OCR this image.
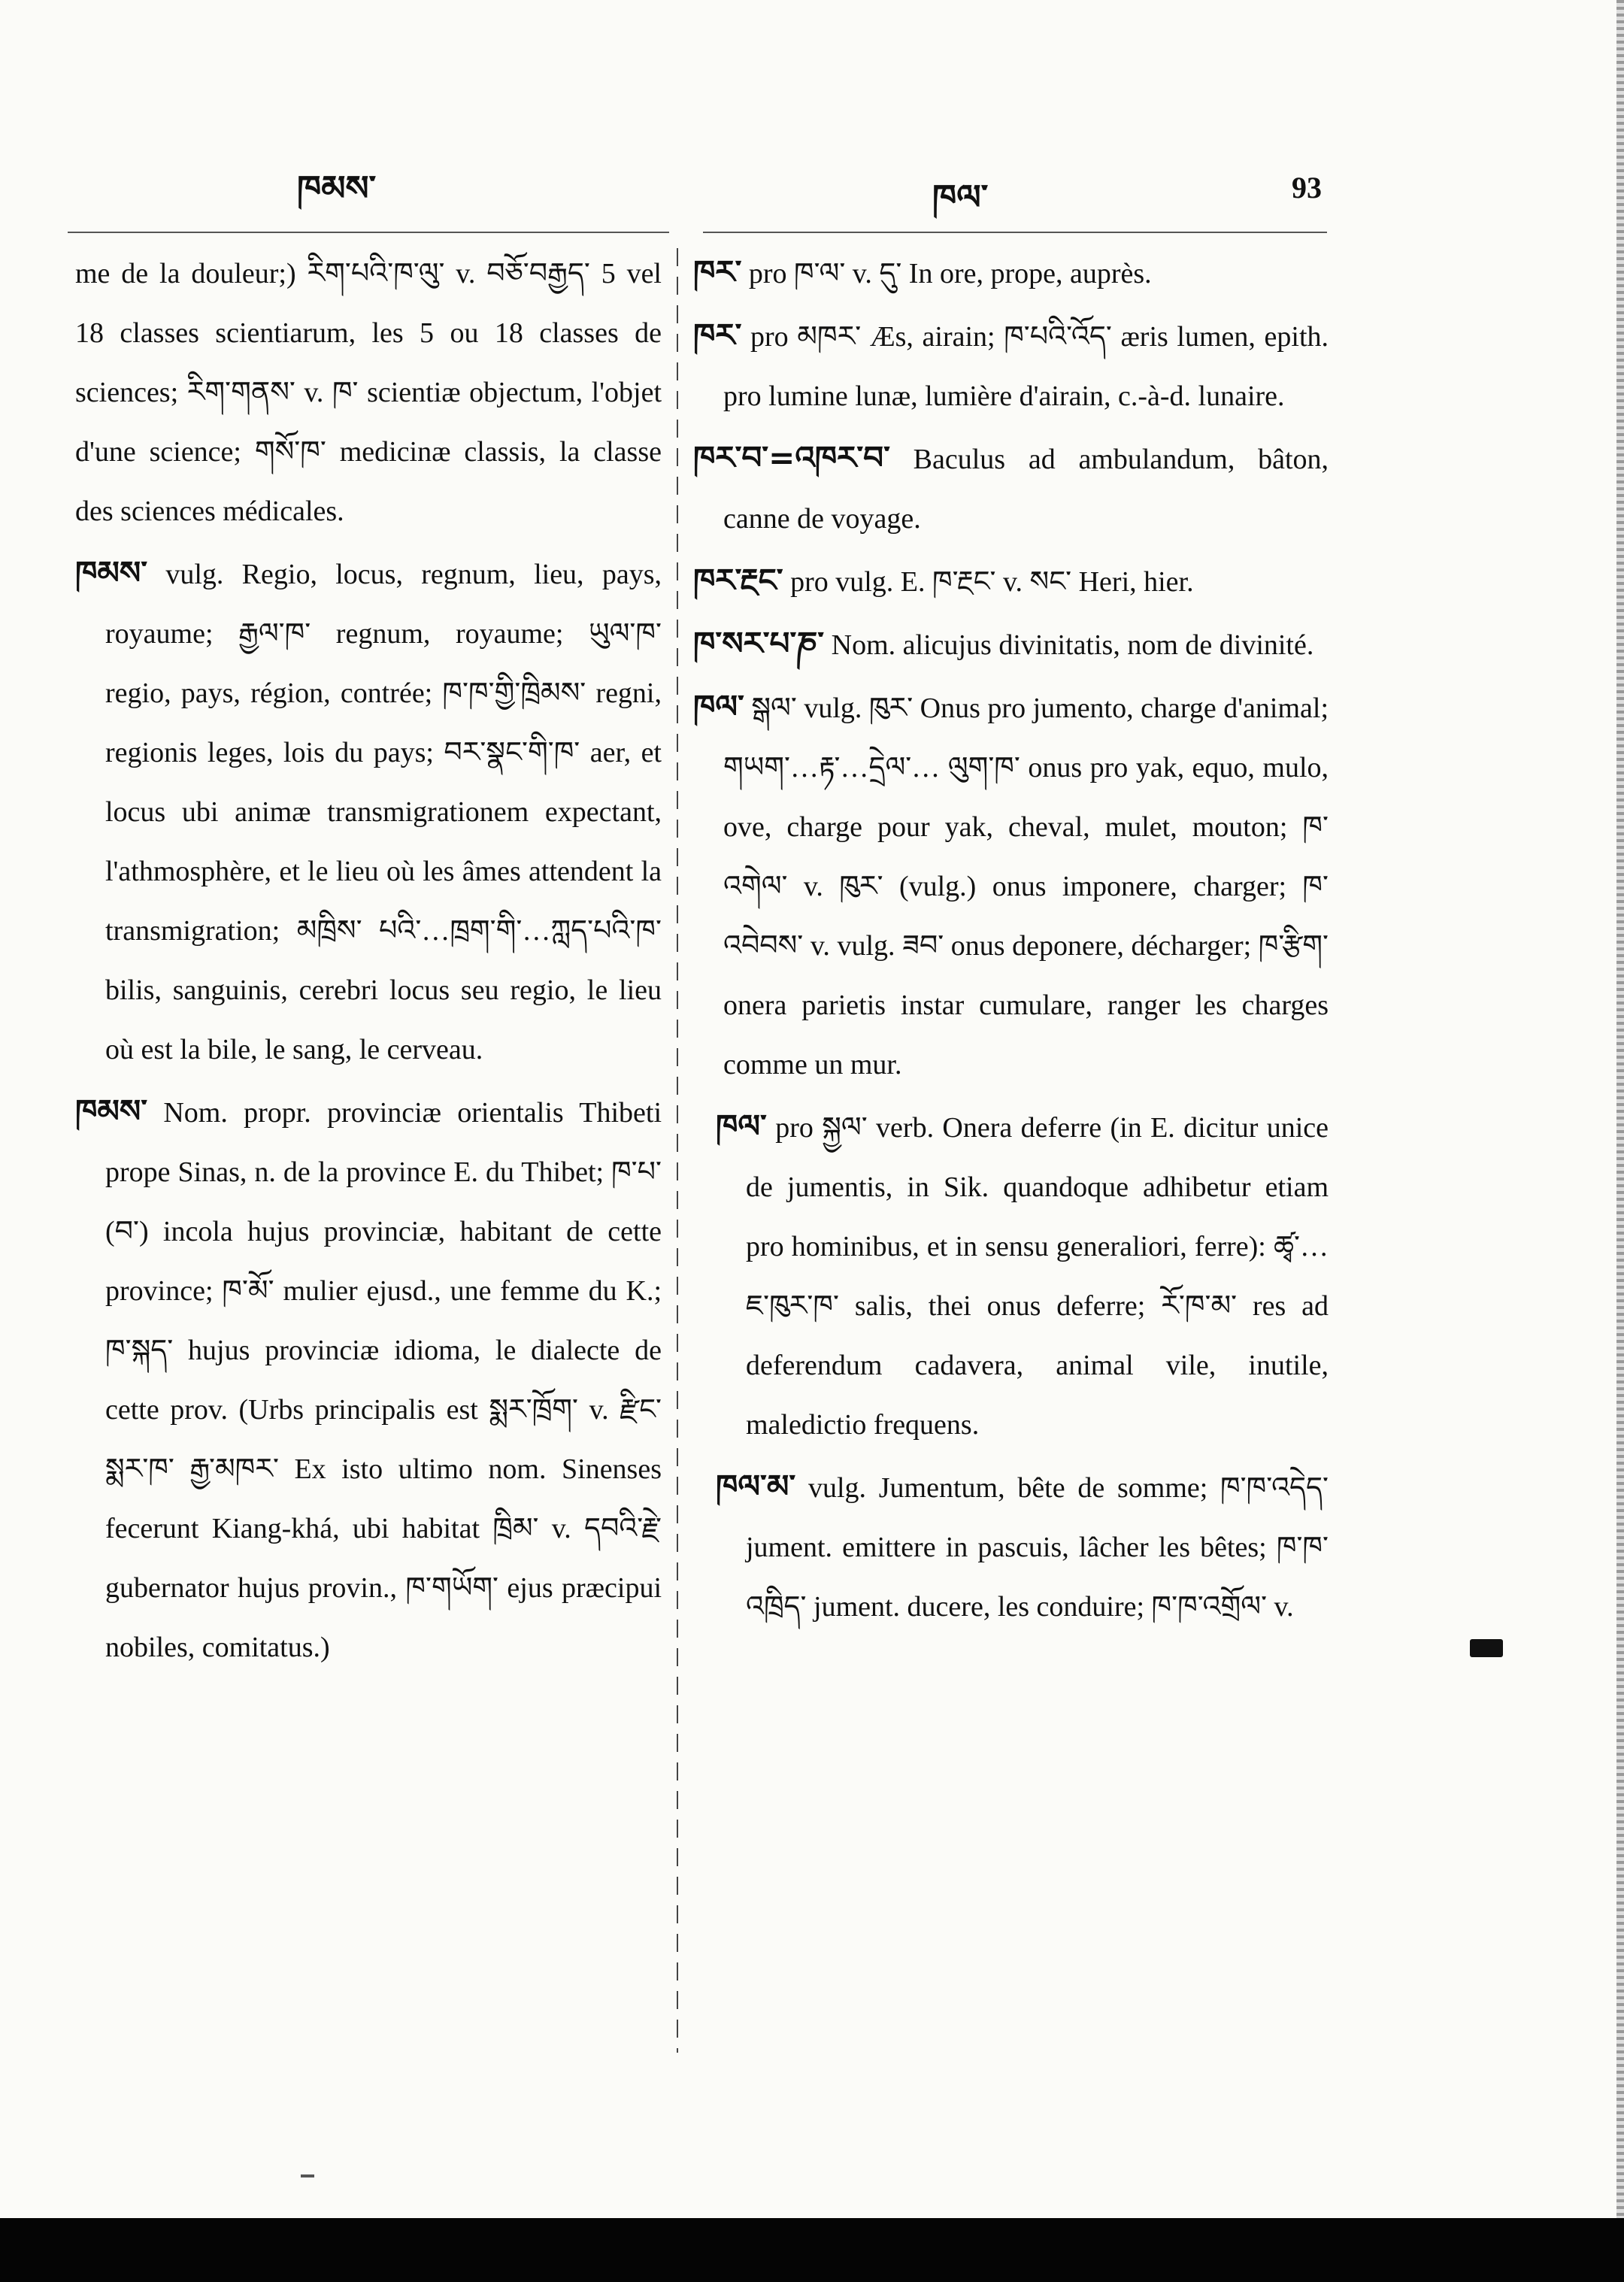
ཁམས་	ཁལ་	93

me de la douleur;) རིག་པའི་ཁ་ལུ་ v. བཅོ་བརྒྱད་ 5 vel 18 classes scientiarum, les 5 ou 18 classes de sciences; རིག་གནས་ v. ཁ་ scientiæ objectum, l'objet d'une science; གསོ་ཁ་ medicinæ classis, la classe des sciences médicales.

ཁམས་ vulg. Regio, locus, regnum, lieu, pays, royaume; རྒྱལ་ཁ་ regnum, royaume; ཡུལ་ཁ་ regio, pays, région, contrée; ཁ་ཁ་གྱི་ཁྲིམས་ regni, regionis leges, lois du pays; བར་སྣང་གི་ཁ་ aer, et locus ubi animæ transmigrationem expectant, l'athmosphère, et le lieu où les âmes attendent la transmigration; མཁྲིས་ པའི་…ཁྲག་གི་…ཀླད་པའི་ཁ་ bilis, sanguinis, cerebri locus seu regio, le lieu où est la bile, le sang, le cerveau.

ཁམས་ Nom. propr. provinciæ orientalis Thibeti prope Sinas, n. de la province E. du Thibet; ཁ་པ་(བ་) incola hujus provinciæ, habitant de cette province; ཁ་མོ་ mulier ejusd., une femme du K.; ཁ་སྐད་ hujus provinciæ idioma, le dialecte de cette prov. (Urbs principalis est སྨར་ཁྲོག་ v. རྫིང་ སྨར་ཁ་ རྒྱ་མཁར་ Ex isto ultimo nom. Sinenses fecerunt Kiang-khá, ubi habitat ཁྲིམ་ v. དབའི་རྗེ་ gubernator hujus provin., ཁ་གཡོག་ ejus præcipui nobiles, comitatus.)

ཁར་ pro ཁ་ལ་ v. དུ་ In ore, prope, auprès.

ཁར་ pro མཁར་ Æs, airain; ཁ་པའི་འོད་ æris lumen, epith. pro lumine lunæ, lumière d'airain, c.-à-d. lunaire.

ཁར་བ་=འཁར་བ་ Baculus ad ambulandum, bâton, canne de voyage.

ཁར་རྔང་ pro vulg. E. ཁ་རྔང་ v. སང་ Heri, hier.

ཁ་སར་པ་ཎ་ Nom. alicujus divinitatis, nom de divinité.

ཁལ་ སྒལ་ vulg. ཁུར་ Onus pro jumento, charge d'animal; གཡག་…རྟ་…དྲེལ་… ལུག་ཁ་ onus pro yak, equo, mulo, ove, charge pour yak, cheval, mulet, mouton; ཁ་འགེལ་ v. ཁུར་ (vulg.) onus imponere, charger; ཁ་འབེབས་ v. vulg. ཟབ་ onus deponere, décharger; ཁ་རྩིག་ onera parietis instar cumulare, ranger les charges comme un mur.

ཁལ་ pro སྐྱལ་ verb. Onera deferre (in E. dicitur unice de jumentis, in Sik. quandoque adhibetur etiam pro hominibus, et in sensu generaliori, ferre): ཚྭ་…ཇ་ཁུར་ཁ་ salis, thei onus deferre; རོ་ཁ་མ་ res ad deferendum cadavera, animal vile, inutile, maledictio frequens.

ཁལ་མ་ vulg. Jumentum, bête de somme; ཁ་ཁ་འདེད་ jument. emittere in pascuis, lâcher les bêtes; ཁ་ཁ་འཁྲིད་ jument. ducere, les conduire; ཁ་ཁ་འགྲོལ་ v.
